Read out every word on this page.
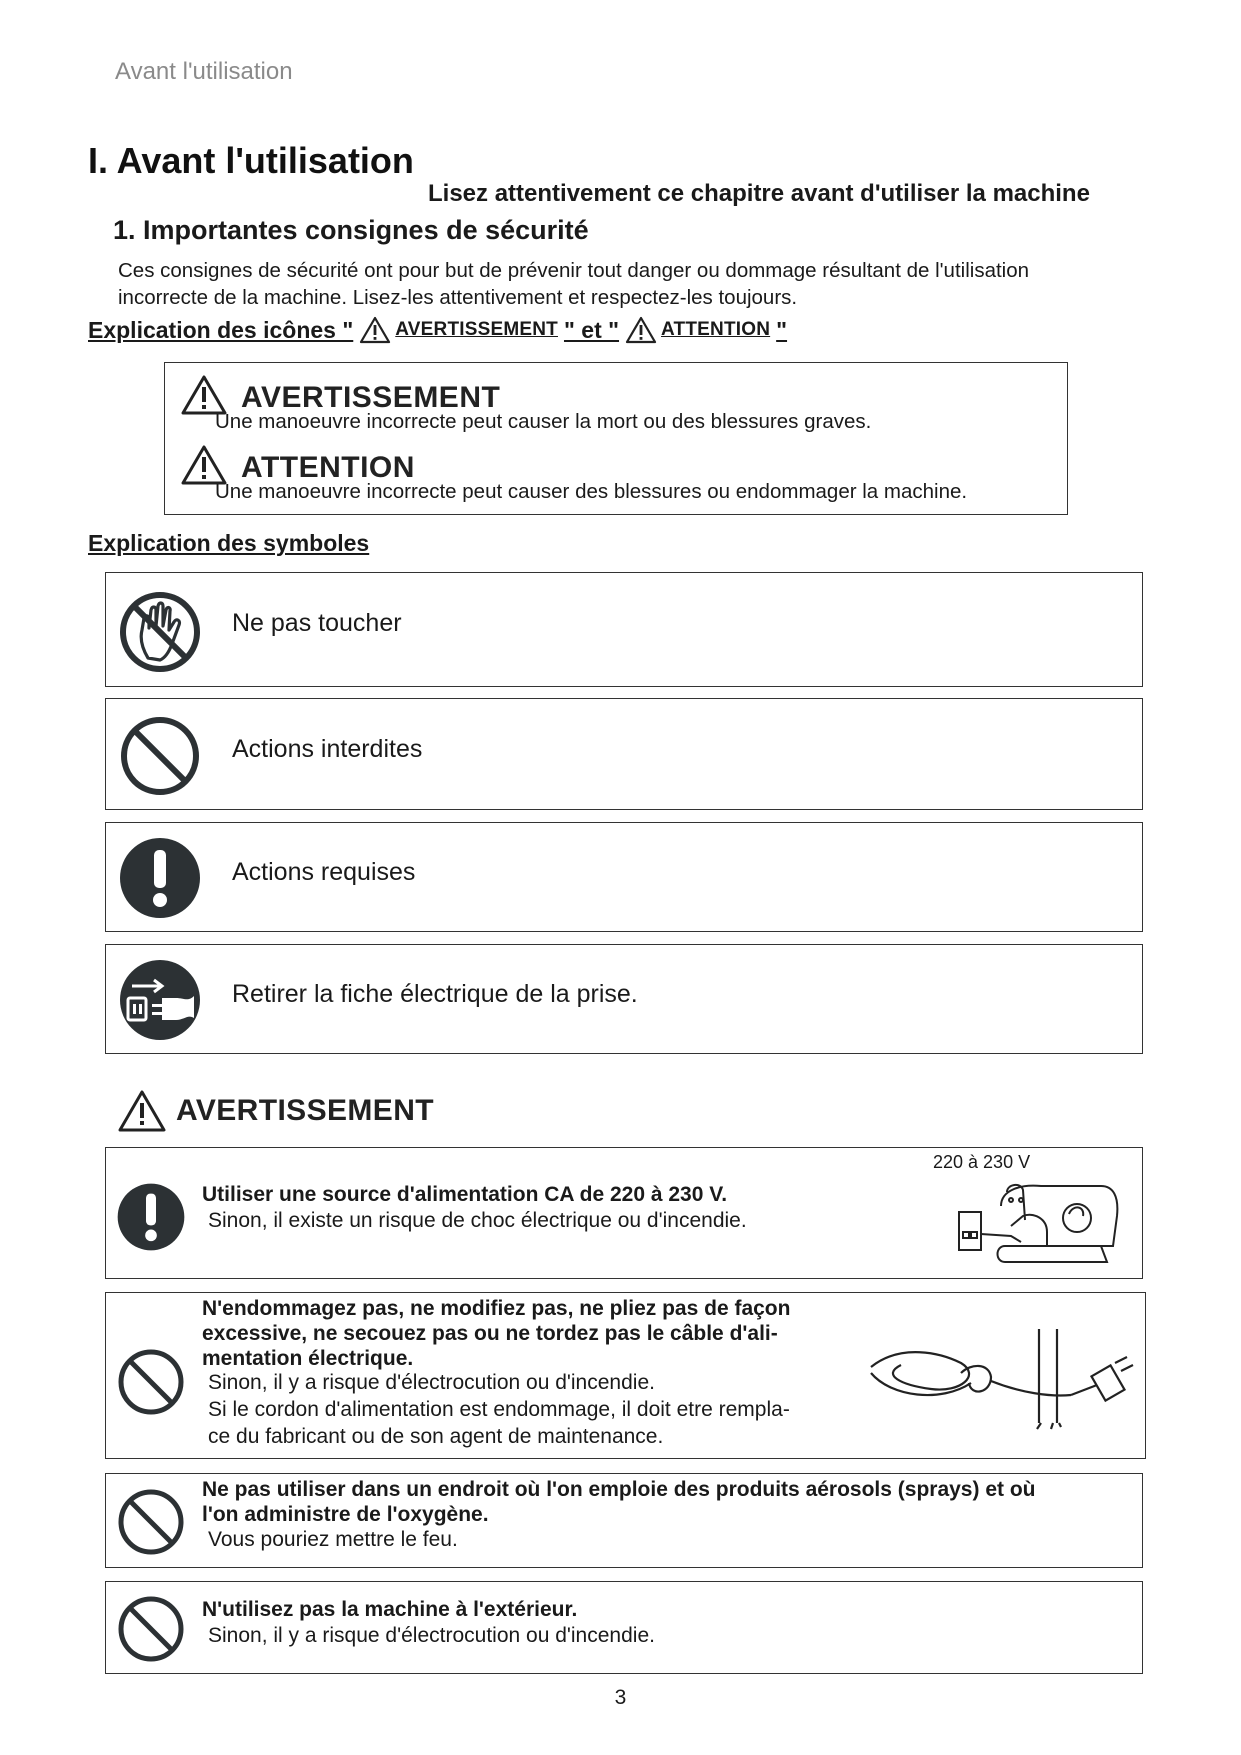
Avant l'utilisation
I. Avant l'utilisation
Lisez attentivement ce chapitre avant d'utiliser la machine
1. Importantes consignes de sécurité
Ces consignes de sécurité ont pour but de prévenir tout danger ou dommage résultant de l'utilisation
incorrecte de la machine. Lisez-les attentivement et respectez-les toujours.
Explication des icônes " AVERTISSEMENT " et " ATTENTION "
AVERTISSEMENT
Une manoeuvre incorrecte peut causer la mort ou des blessures graves.
ATTENTION
Une manoeuvre incorrecte peut causer des blessures ou endommager la machine.
Explication des symboles
Ne pas toucher
Actions interdites
Actions requises
Retirer la fiche électrique de la prise.
AVERTISSEMENT
Utiliser une source d'alimentation CA de 220 à 230 V.
Sinon, il existe un risque de choc électrique ou d'incendie.
220 à 230 V
N'endommagez pas, ne modifiez pas, ne pliez pas de façon
excessive, ne secouez pas ou ne tordez pas le câble d'ali-
mentation électrique.
Sinon, il y a risque d'électrocution ou d'incendie.
Si le cordon d'alimentation est endommage, il doit etre rempla-
ce du fabricant ou de son agent de maintenance.
Ne pas utiliser dans un endroit où l'on emploie des produits aérosols (sprays) et où
l'on administre de l'oxygène.
Vous pouriez mettre le feu.
N'utilisez pas la machine à l'extérieur.
Sinon, il y a risque d'électrocution ou d'incendie.
3
